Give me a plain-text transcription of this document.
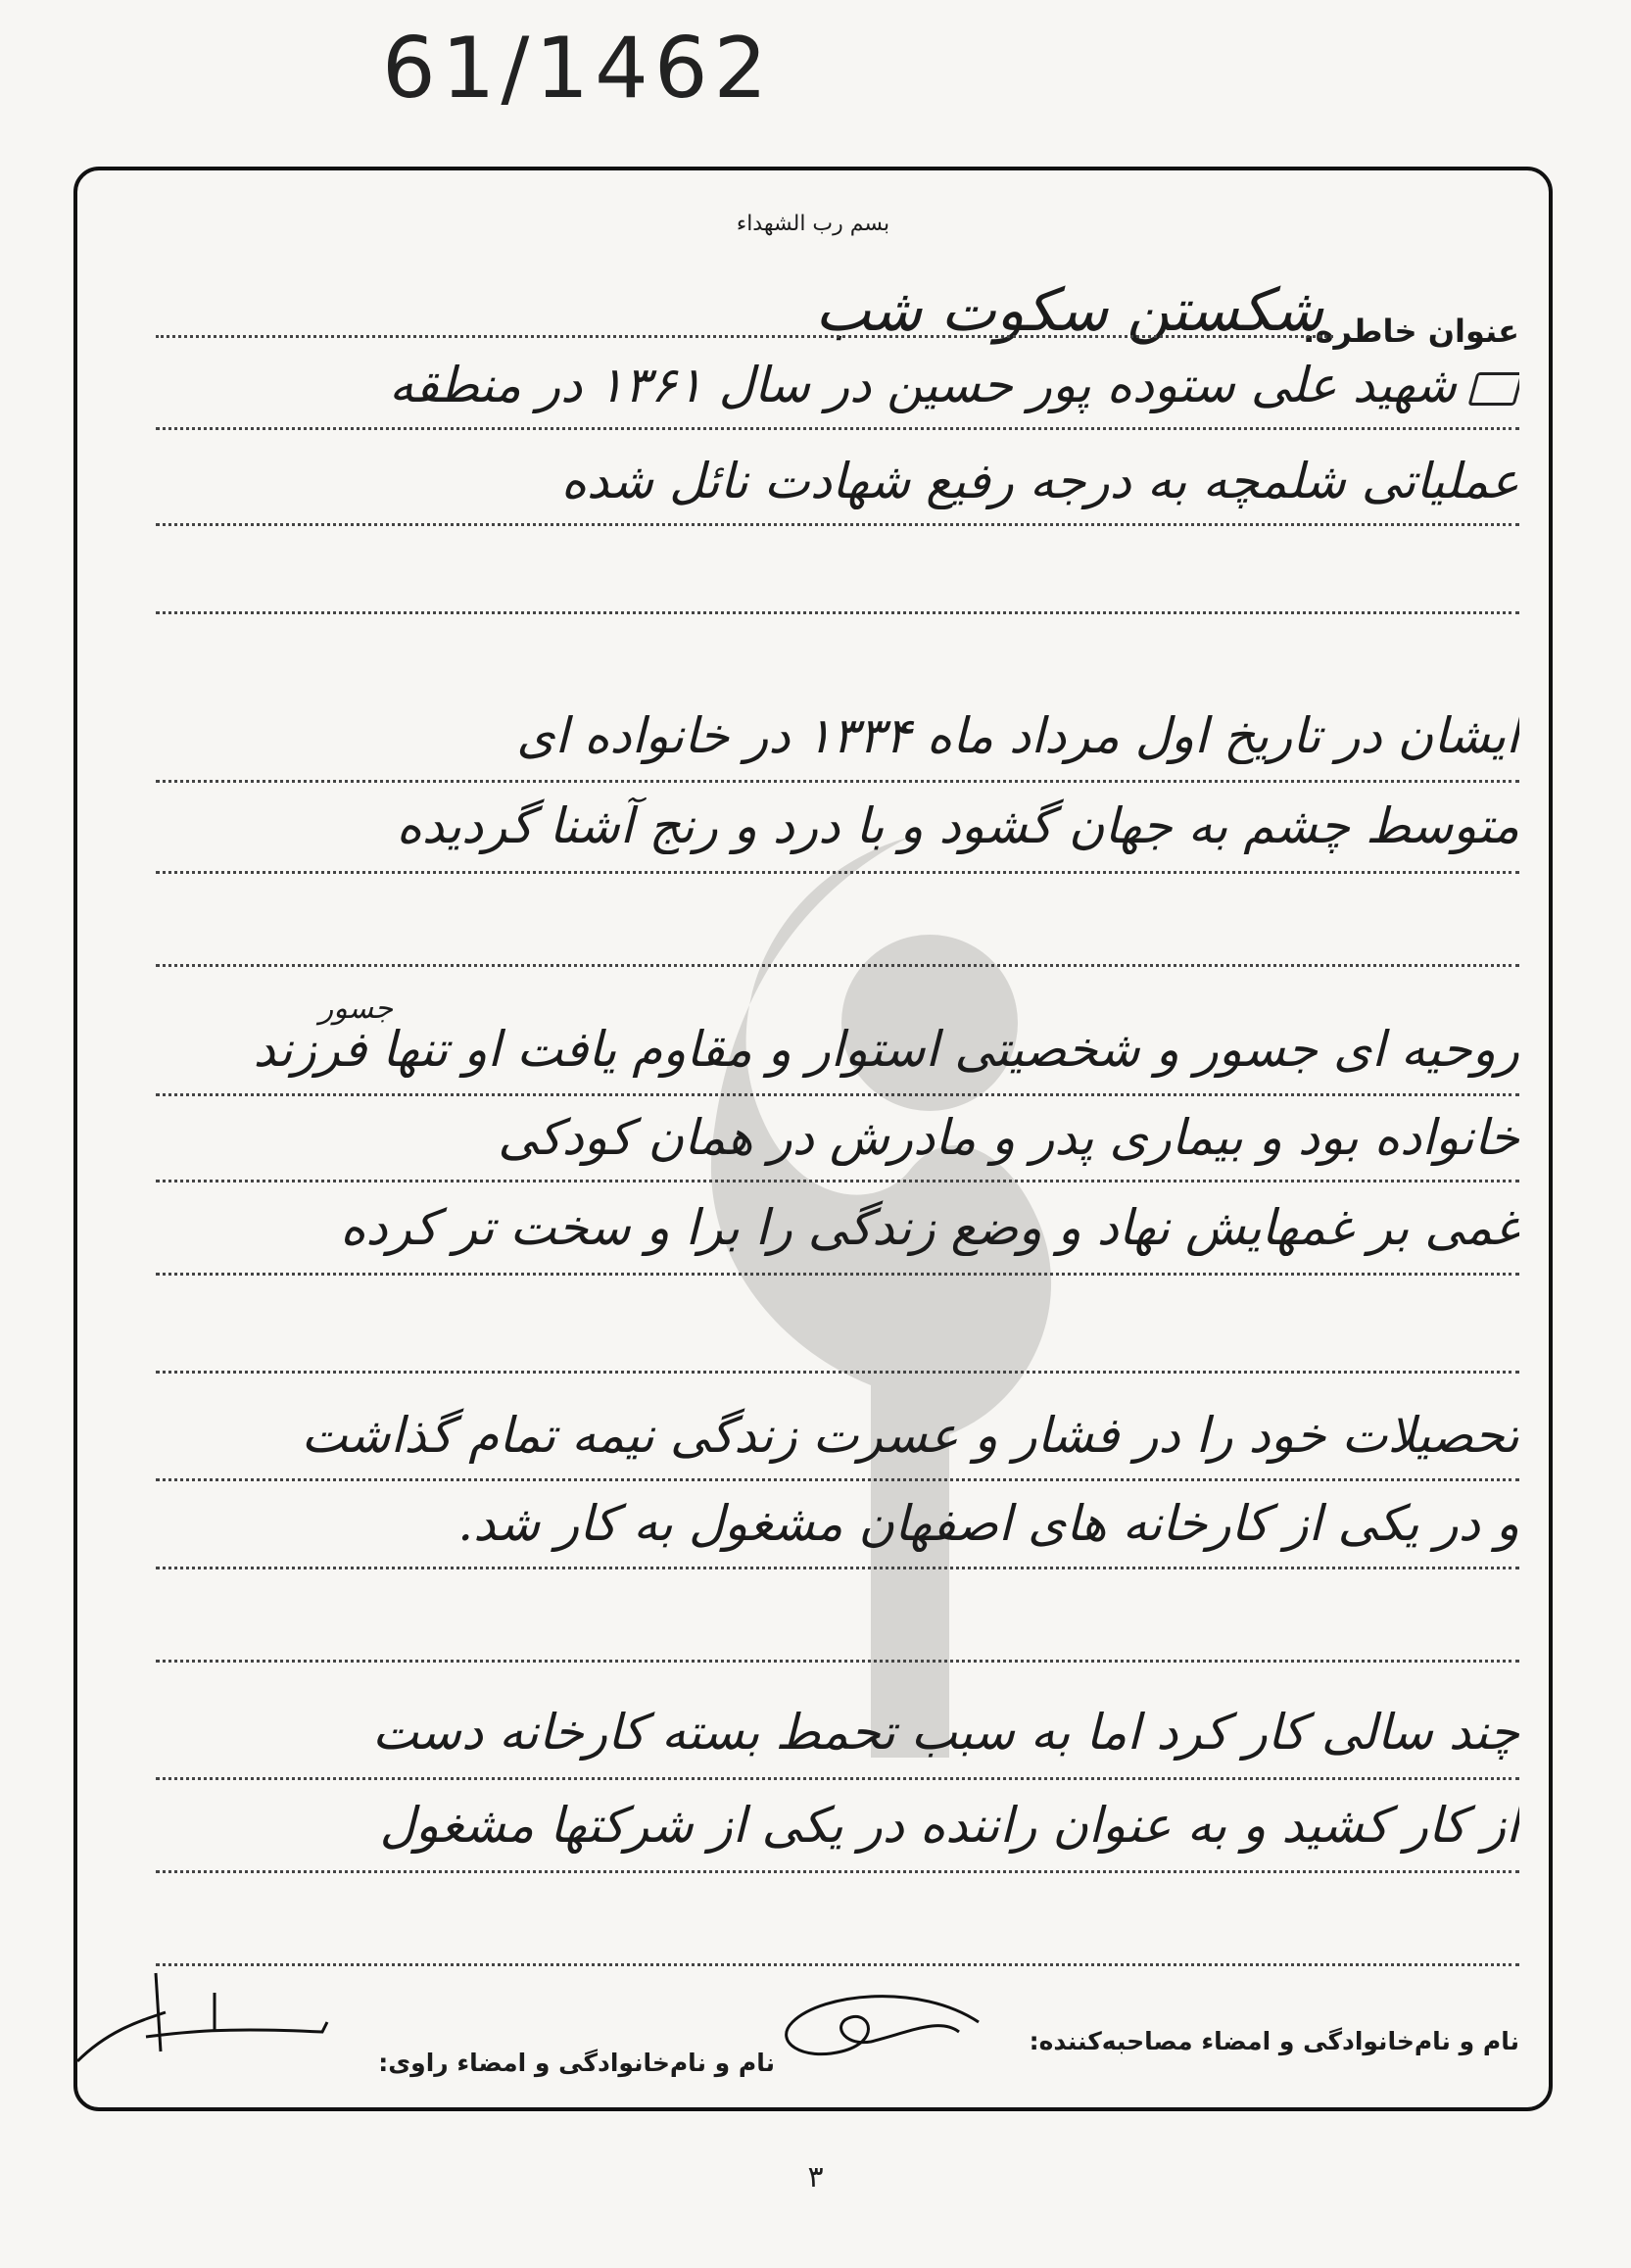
61/1462
بسم رب الشهداء
عنوان خاطره:
شکستن سکوت شب
شهید علی ستوده پور حسین در سال ۱۳۶۱ در منطقه
عملیاتی شلمچه به درجه رفیع شهادت نائل شده
ایشان در تاریخ اول مرداد ماه ۱۳۳۴ در خانواده ای
متوسط چشم به جهان گشود و با درد و رنج آشنا گردیده
جسور
روحیه ای جسور و شخصیتی استوار و مقاوم یافت او تنها فرزند
خانواده بود و بیماری پدر و مادرش در همان کودکی
غمی بر غمهایش نهاد و وضع زندگی را برا و سخت تر کرده
تحصیلات خود را در فشار و عسرت زندگی نیمه تمام گذاشت
و در یکی از کارخانه های اصفهان مشغول به کار شد.
چند سالی کار کرد اما به سبب تحمط بسته کارخانه دست
از کار کشید و به عنوان راننده در یکی از شرکتها مشغول
نام و نام‌خانوادگی و امضاء مصاحبه‌کننده:
نام و نام‌خانوادگی و امضاء راوی:
۳
